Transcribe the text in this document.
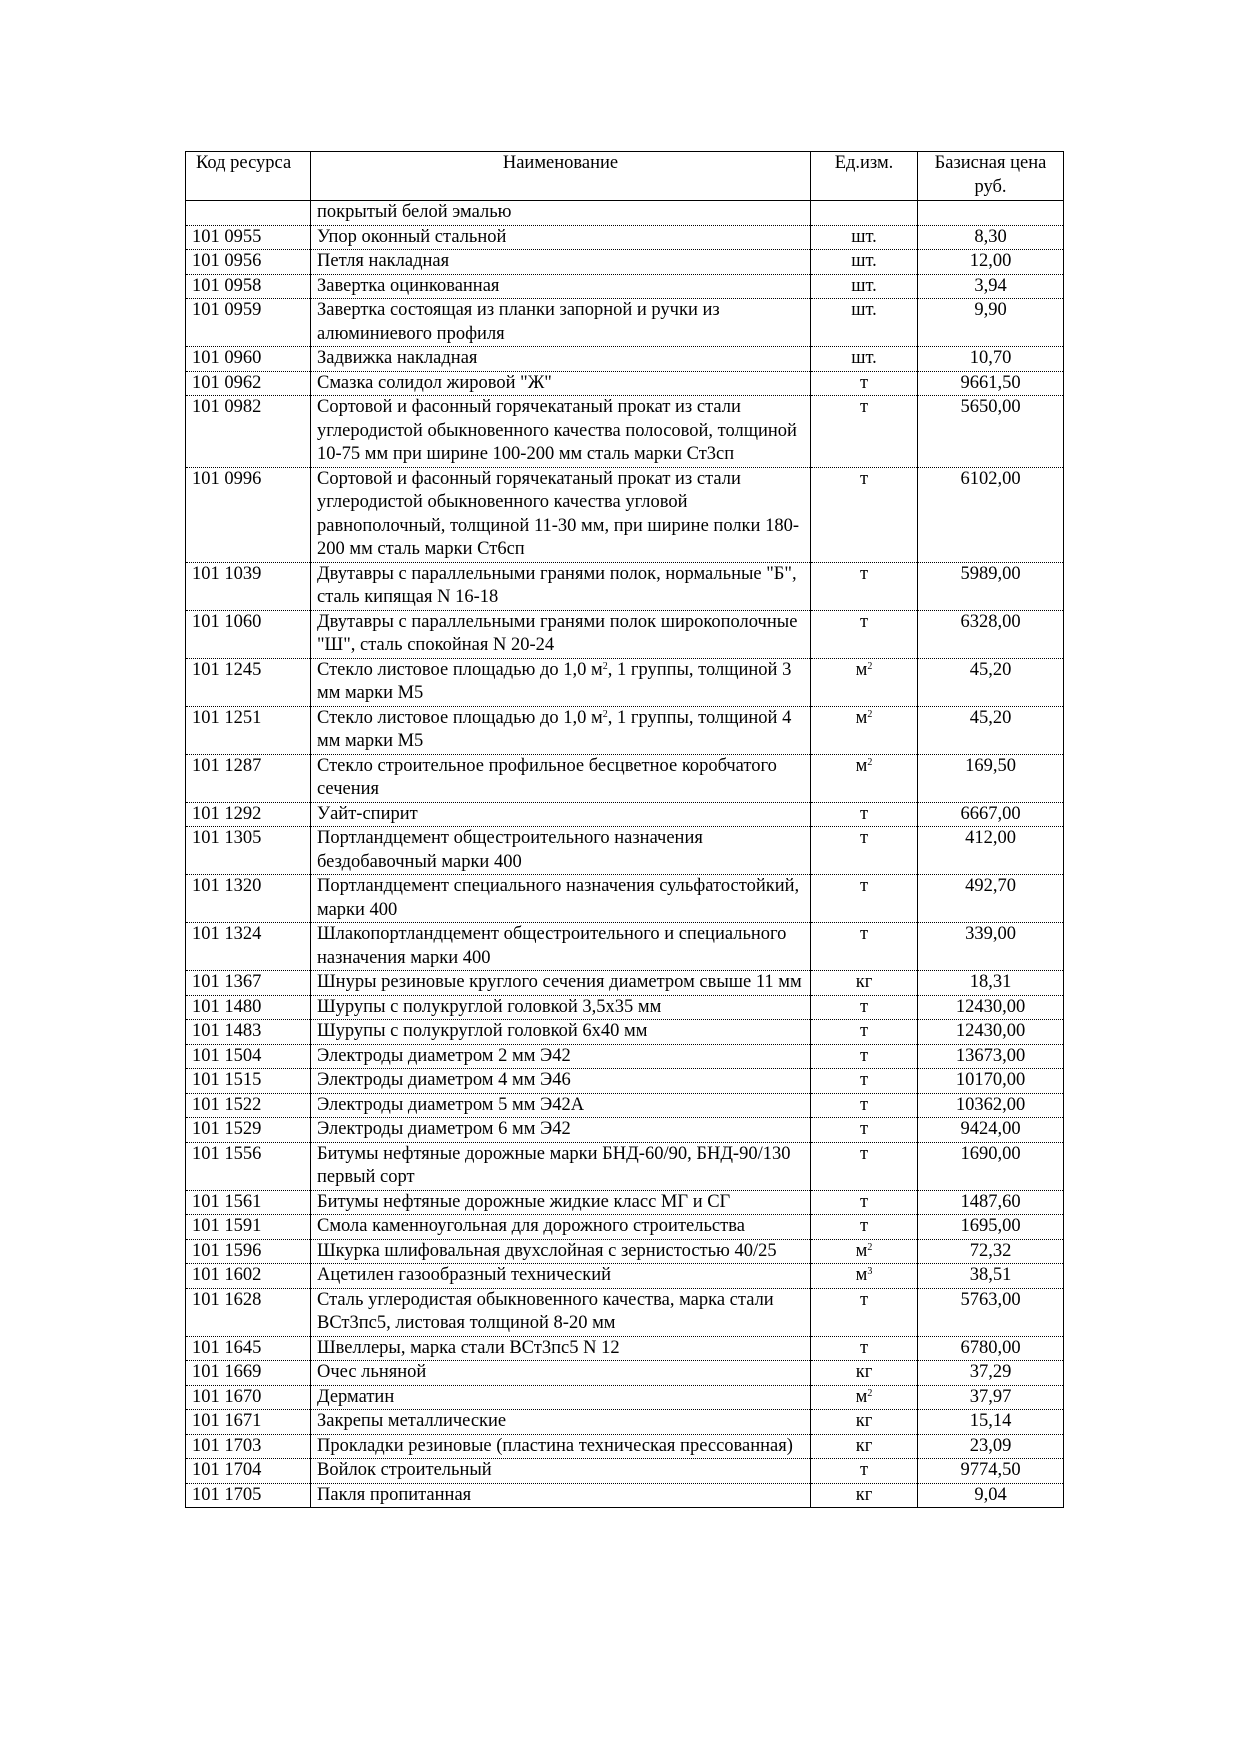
Код ресурса	Наименование	Ед.изм.	Базисная цена руб.
	покрытый белой эмалью		
101 0955	Упор оконный стальной	шт.	8,30
101 0956	Петля накладная	шт.	12,00
101 0958	Завертка оцинкованная	шт.	3,94
101 0959	Завертка состоящая из планки запорной и ручки из алюминиевого профиля	шт.	9,90
101 0960	Задвижка накладная	шт.	10,70
101 0962	Смазка солидол жировой "Ж"	т	9661,50
101 0982	Сортовой и фасонный горячекатаный прокат из стали углеродистой обыкновенного качества полосовой, толщиной 10-75 мм при ширине 100-200 мм сталь марки Ст3сп	т	5650,00
101 0996	Сортовой и фасонный горячекатаный прокат из стали углеродистой обыкновенного качества угловой равнополочный, толщиной 11-30 мм, при ширине полки 180-200 мм сталь марки Ст6сп	т	6102,00
101 1039	Двутавры с параллельными гранями полок, нормальные "Б", сталь кипящая N 16-18	т	5989,00
101 1060	Двутавры с параллельными гранями полок широкополочные "Ш", сталь спокойная N 20-24	т	6328,00
101 1245	Стекло листовое площадью до 1,0 $м^2$, 1 группы, толщиной 3 мм марки М5	$м^2$	45,20
101 1251	Стекло листовое площадью до 1,0 $м^2$, 1 группы, толщиной 4 мм марки М5	$м^2$	45,20
101 1287	Стекло строительное профильное бесцветное коробчатого сечения	$м^2$	169,50
101 1292	Уайт-спирит	т	6667,00
101 1305	Портландцемент общестроительного назначения бездобавочный марки 400	т	412,00
101 1320	Портландцемент специального назначения сульфатостойкий, марки 400	т	492,70
101 1324	Шлакопортландцемент общестроительного и специального назначения марки 400	т	339,00
101 1367	Шнуры резиновые круглого сечения диаметром свыше 11 мм	кг	18,31
101 1480	Шурупы с полукруглой головкой 3,5х35 мм	т	12430,00
101 1483	Шурупы с полукруглой головкой 6х40 мм	т	12430,00
101 1504	Электроды диаметром 2 мм Э42	т	13673,00
101 1515	Электроды диаметром 4 мм Э46	т	10170,00
101 1522	Электроды диаметром 5 мм Э42А	т	10362,00
101 1529	Электроды диаметром 6 мм Э42	т	9424,00
101 1556	Битумы нефтяные дорожные марки БНД-60/90, БНД-90/130 первый сорт	т	1690,00
101 1561	Битумы нефтяные дорожные жидкие класс МГ и СГ	т	1487,60
101 1591	Смола каменноугольная для дорожного строительства	т	1695,00
101 1596	Шкурка шлифовальная двухслойная с зернистостью 40/25	$м^2$	72,32
101 1602	Ацетилен газообразный технический	$м^3$	38,51
101 1628	Сталь углеродистая обыкновенного качества, марка стали ВСт3пс5, листовая толщиной 8-20 мм	т	5763,00
101 1645	Швеллеры, марка стали ВСт3пс5 N 12	т	6780,00
101 1669	Очес льняной	кг	37,29
101 1670	Дерматин	$м^2$	37,97
101 1671	Закрепы металлические	кг	15,14
101 1703	Прокладки резиновые (пластина техническая прессованная)	кг	23,09
101 1704	Войлок строительный	т	9774,50
101 1705	Пакля пропитанная	кг	9,04
